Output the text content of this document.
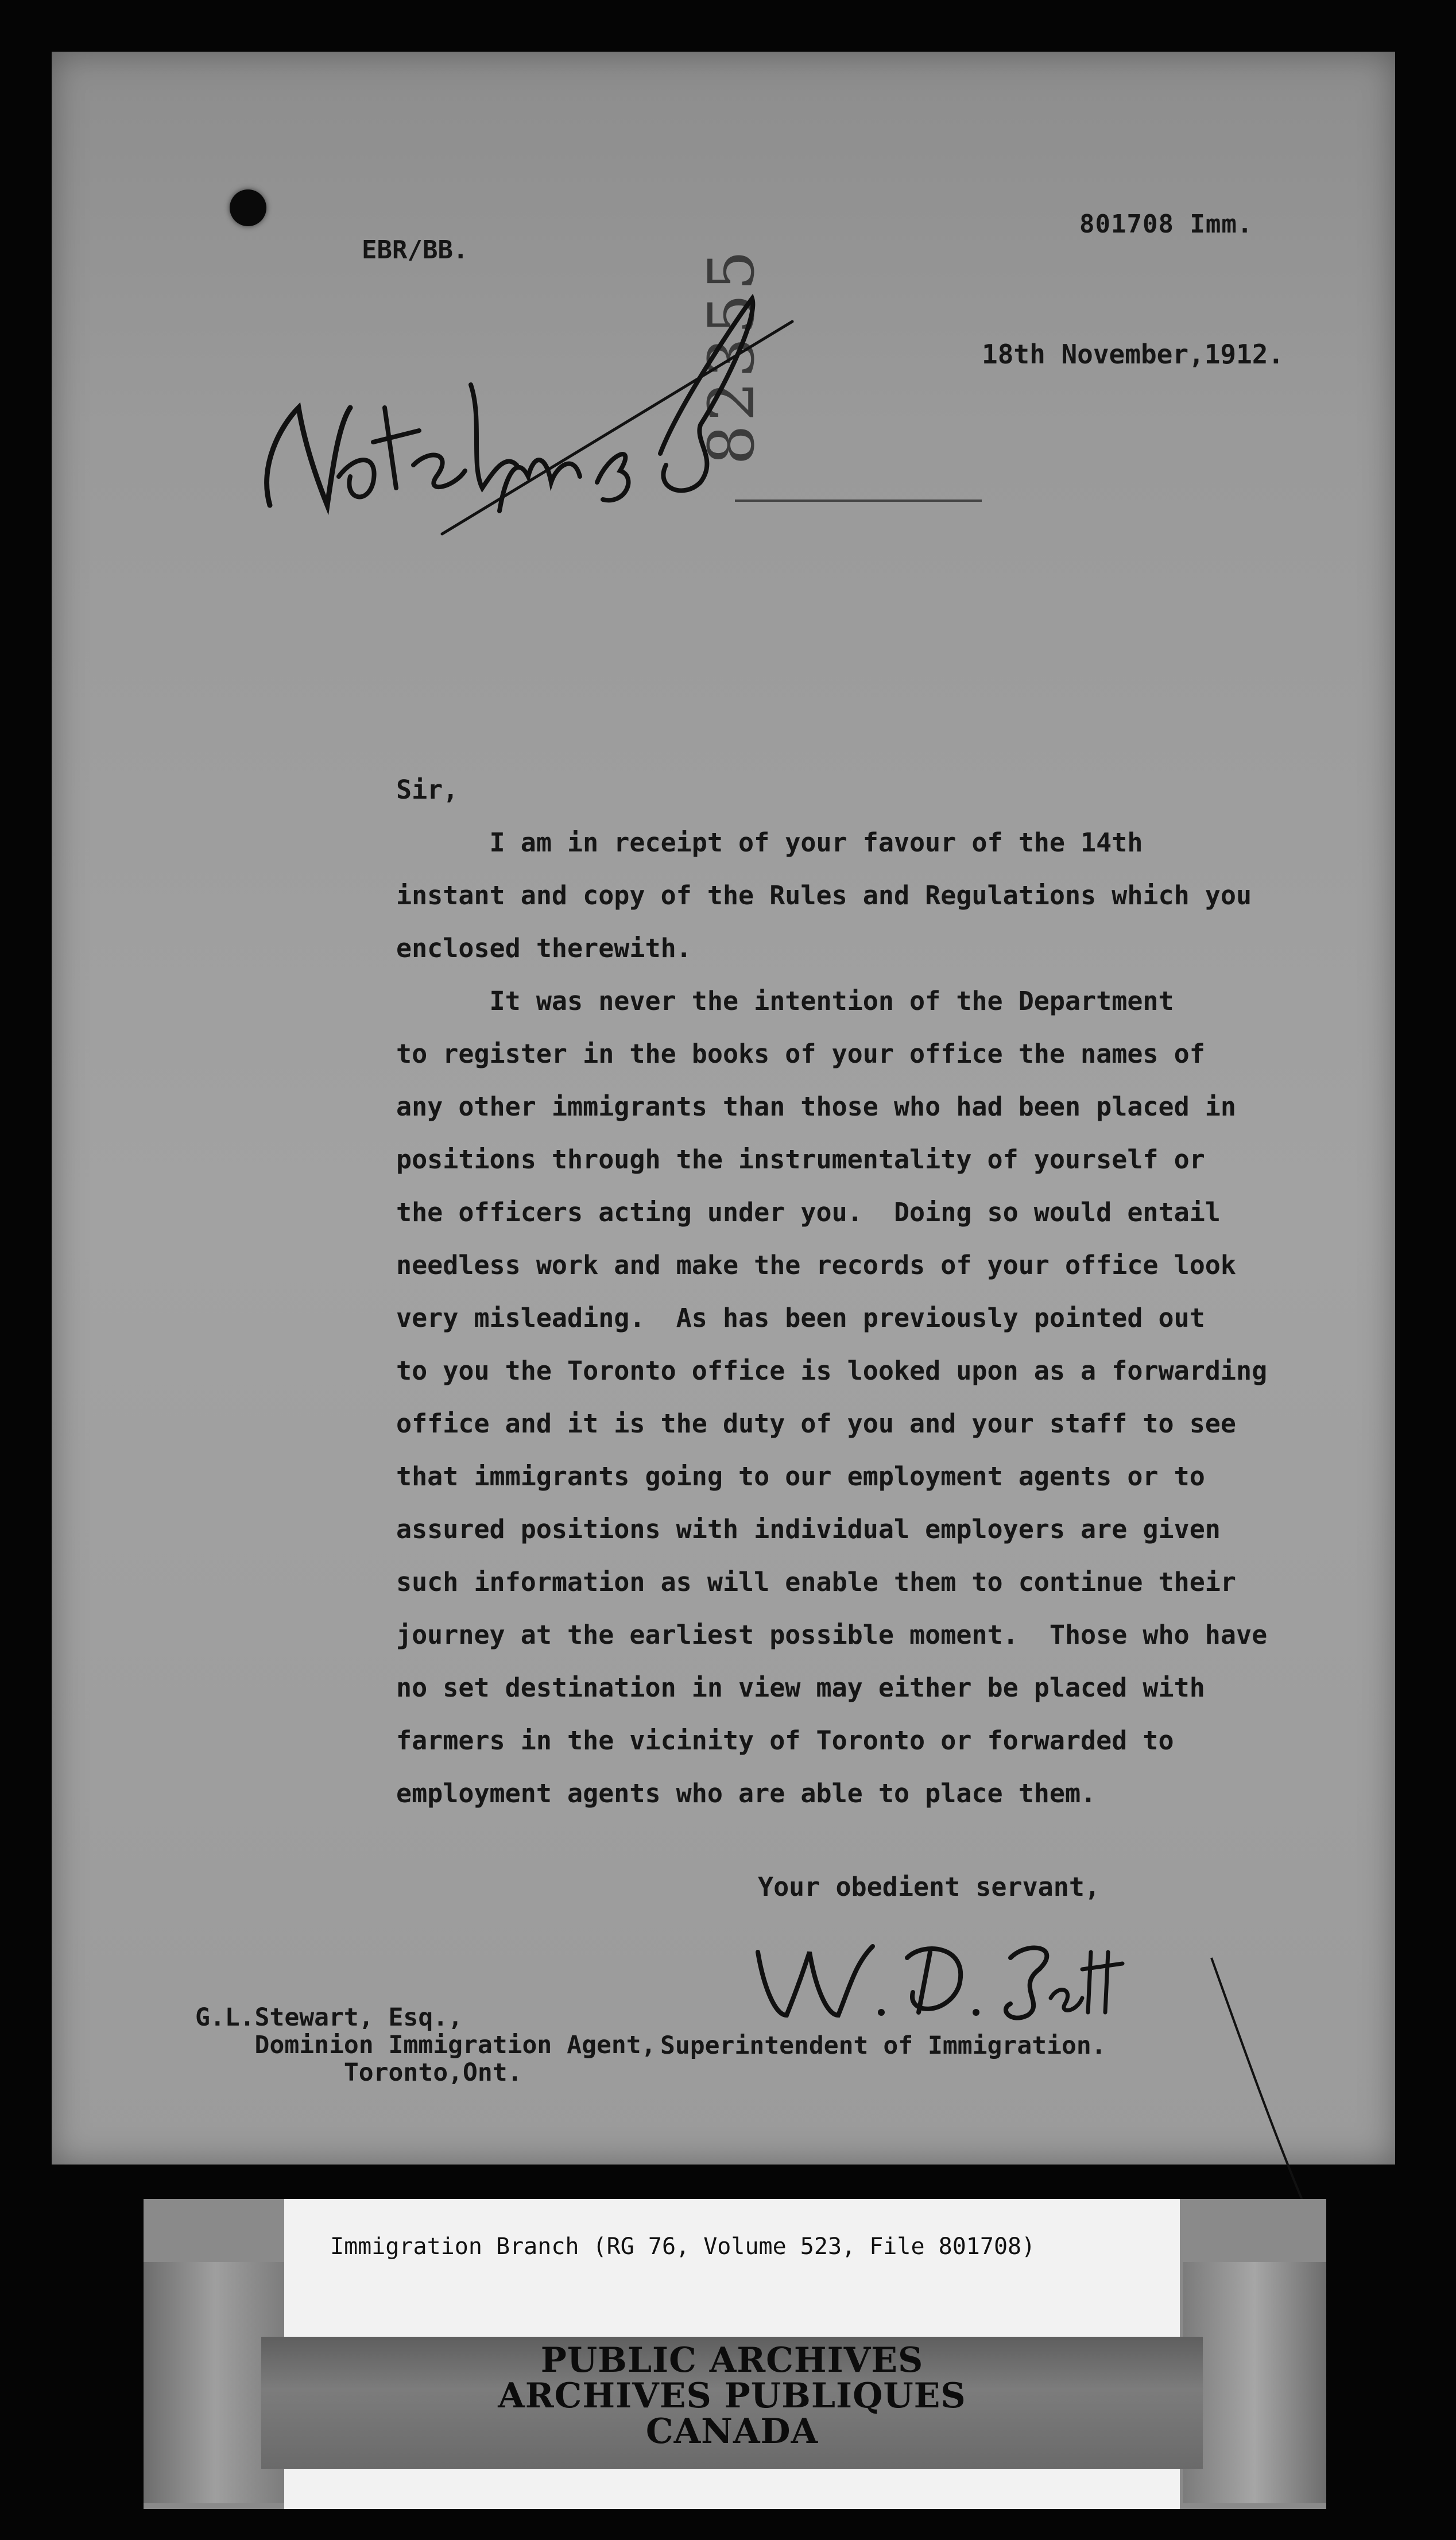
801708 Imm.
EBR/BB.
18th November,1912.
82355

Sir,

I am in receipt of your favour of the 14th
instant and copy of the Rules and Regulations which you
enclosed therewith.

It was never the intention of the Department
to register in the books of your office the names of
any other immigrants than those who had been placed in
positions through the instrumentality of yourself or
the officers acting under you.  Doing so would entail
needless work and make the records of your office look
very misleading.  As has been previously pointed out
to you the Toronto office is looked upon as a forwarding
office and it is the duty of you and your staff to see
that immigrants going to our employment agents or to
assured positions with individual employers are given
such information as will enable them to continue their
journey at the earliest possible moment.  Those who have
no set destination in view may either be placed with
farmers in the vicinity of Toronto or forwarded to
employment agents who are able to place them.

Your obedient servant,
G.L.Stewart, Esq.,
Dominion Immigration Agent,
Toronto,Ont.
Superintendent of Immigration.
Immigration Branch (RG 76, Volume 523, File 801708)
PUBLIC ARCHIVES
ARCHIVES PUBLIQUES
CANADA
